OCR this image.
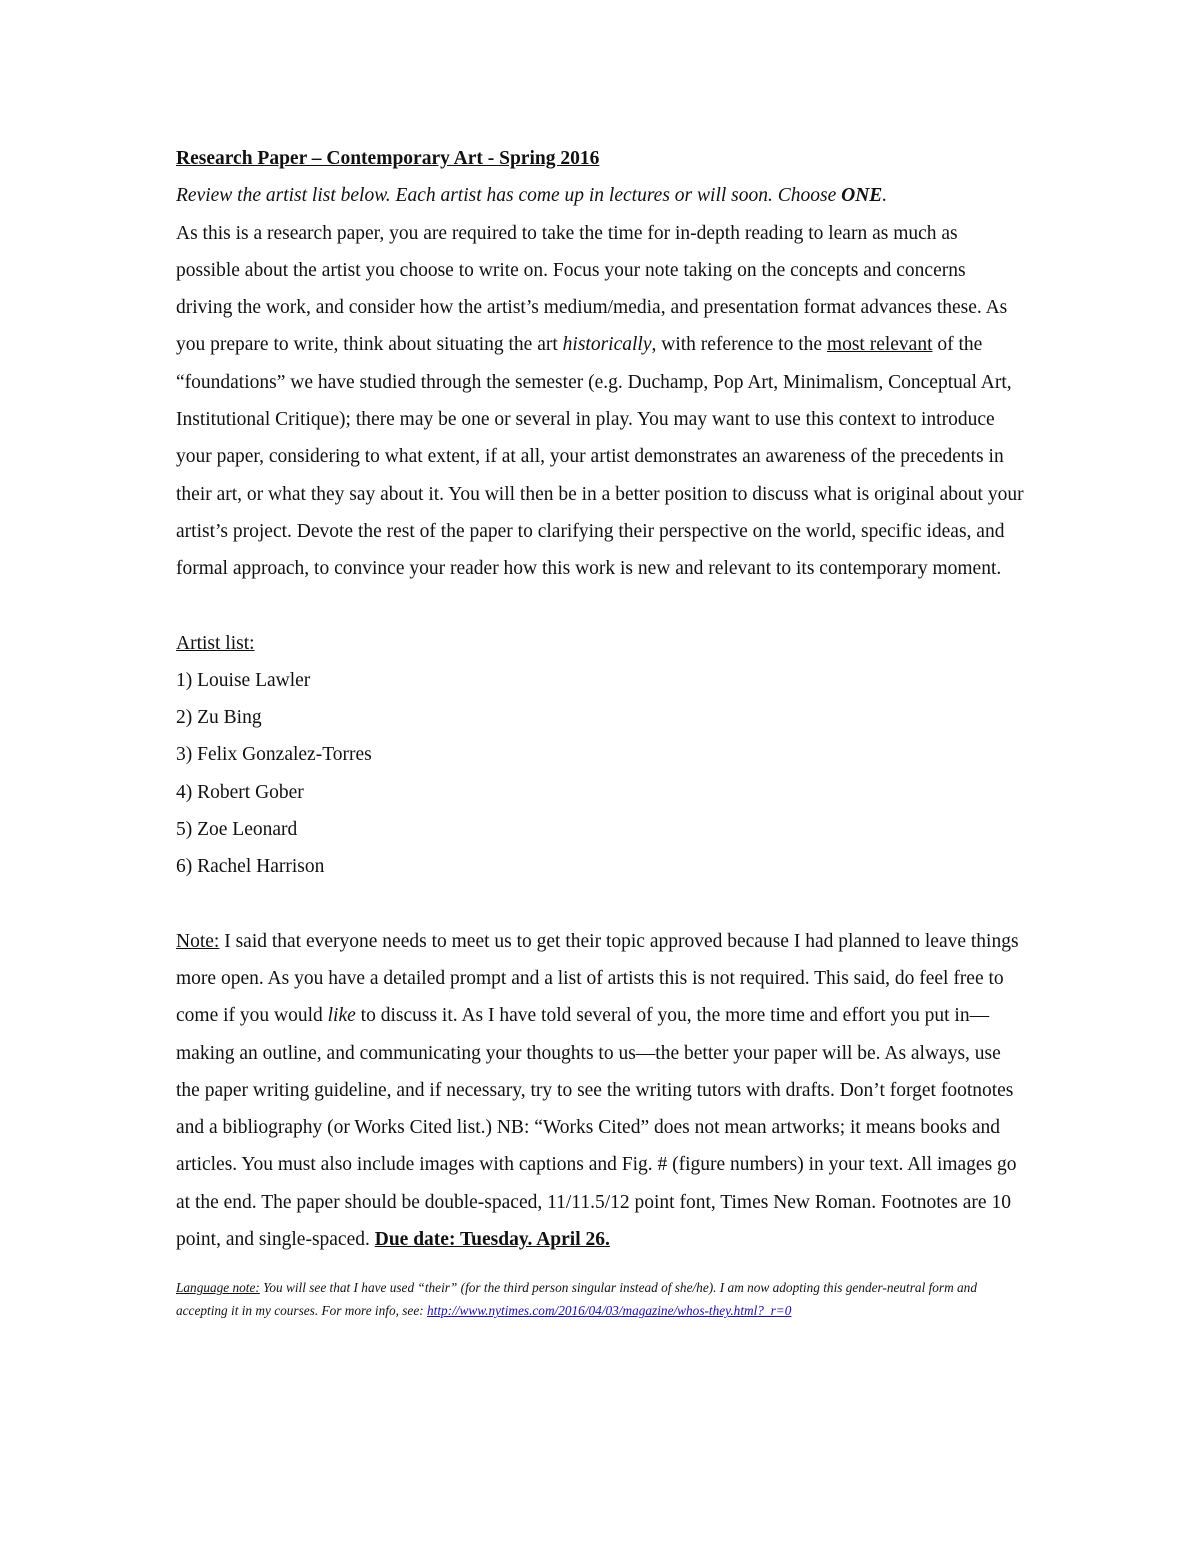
Research Paper – Contemporary Art - Spring 2016
Review the artist list below. Each artist has come up in lectures or will soon. Choose ONE.
As this is a research paper, you are required to take the time for in-depth reading to learn as much as possible about the artist you choose to write on. Focus your note taking on the concepts and concerns driving the work, and consider how the artist’s medium/media, and presentation format advances these. As you prepare to write, think about situating the art historically, with reference to the most relevant of the “foundations” we have studied through the semester (e.g. Duchamp, Pop Art, Minimalism, Conceptual Art, Institutional Critique); there may be one or several in play. You may want to use this context to introduce your paper, considering to what extent, if at all, your artist demonstrates an awareness of the precedents in their art, or what they say about it. You will then be in a better position to discuss what is original about your artist’s project. Devote the rest of the paper to clarifying their perspective on the world, specific ideas, and formal approach, to convince your reader how this work is new and relevant to its contemporary moment.
Artist list:
1) Louise Lawler
2) Zu Bing
3) Felix Gonzalez-Torres
4) Robert Gober
5) Zoe Leonard
6) Rachel Harrison
Note: I said that everyone needs to meet us to get their topic approved because I had planned to leave things more open. As you have a detailed prompt and a list of artists this is not required. This said, do feel free to come if you would like to discuss it. As I have told several of you, the more time and effort you put in—making an outline, and communicating your thoughts to us—the better your paper will be. As always, use the paper writing guideline, and if necessary, try to see the writing tutors with drafts. Don’t forget footnotes and a bibliography (or Works Cited list.) NB: “Works Cited” does not mean artworks; it means books and articles. You must also include images with captions and Fig. # (figure numbers) in your text. All images go at the end. The paper should be double-spaced, 11/11.5/12 point font, Times New Roman. Footnotes are 10 point, and single-spaced. Due date: Tuesday. April 26.
Language note: You will see that I have used “their” (for the third person singular instead of she/he). I am now adopting this gender-neutral form and accepting it in my courses. For more info, see: http://www.nytimes.com/2016/04/03/magazine/whos-they.html?_r=0
